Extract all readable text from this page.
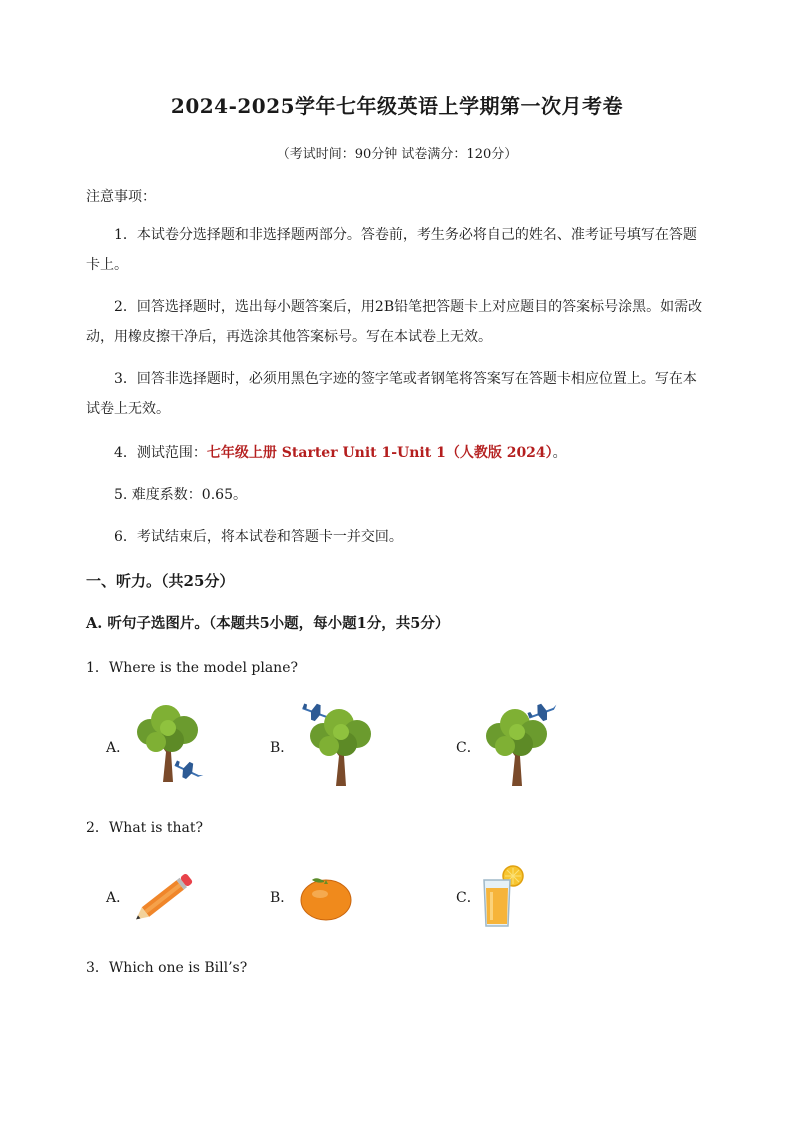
2024-2025学年七年级英语上学期第一次月考卷
（考试时间：90分钟 试卷满分：120分）
注意事项：
1．本试卷分选择题和非选择题两部分。答卷前，考生务必将自己的姓名、准考证号填写在答题卡上。
2．回答选择题时，选出每小题答案后，用2B铅笔把答题卡上对应题目的答案标号涂黑。如需改动，用橡皮擦干净后，再选涂其他答案标号。写在本试卷上无效。
3．回答非选择题时，必须用黑色字迹的签字笔或者钢笔将答案写在答题卡相应位置上。写在本试卷上无效。
4．测试范围：七年级上册 Starter Unit 1-Unit 1（人教版 2024）。
5. 难度系数：0.65。
6．考试结束后，将本试卷和答题卡一并交回。
一、听力。（共25分）
A. 听句子选图片。（本题共5小题，每小题1分，共5分）
1．Where is the model plane?
A．	B．	C．
2．What is that?
A．	B．	C．
3．Which one is Bill’s?
